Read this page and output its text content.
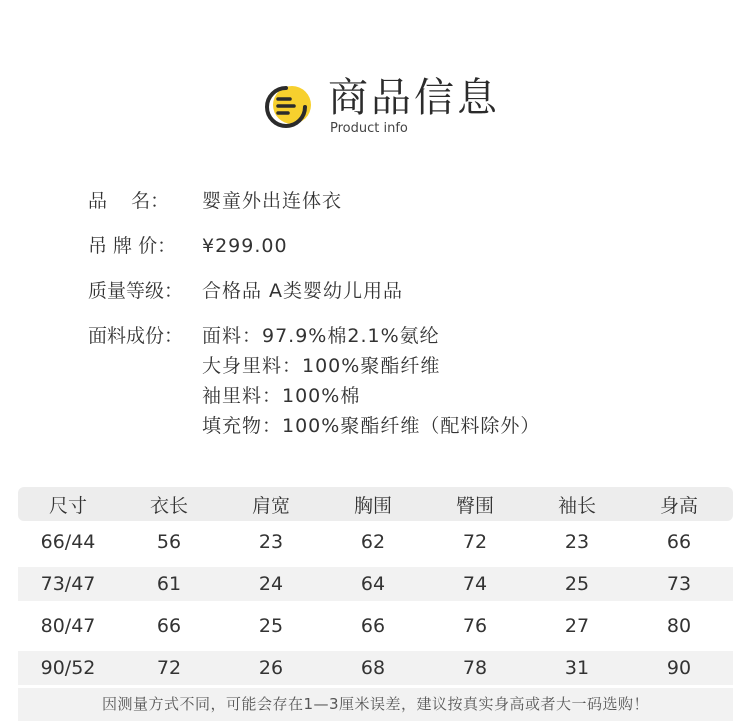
商品信息
Product info
品    名：	婴童外出连体衣
吊 牌 价：	¥299.00
质量等级： 合格品 A类婴幼儿用品
面料成份： 面料：97.9%棉2.1%氨纶
大身里料：100%聚酯纤维
袖里料：100%棉
填充物：100%聚酯纤维（配料除外）
尺寸	衣长	肩宽	胸围	臀围	袖长	身高
66/44	56	23	62	72	23	66
73/47	61	24	64	74	25	73
80/47	66	25	66	76	27	80
90/52	72	26	68	78	31	90
因测量方式不同，可能会存在1—3厘米误差，建议按真实身高或者大一码选购！
